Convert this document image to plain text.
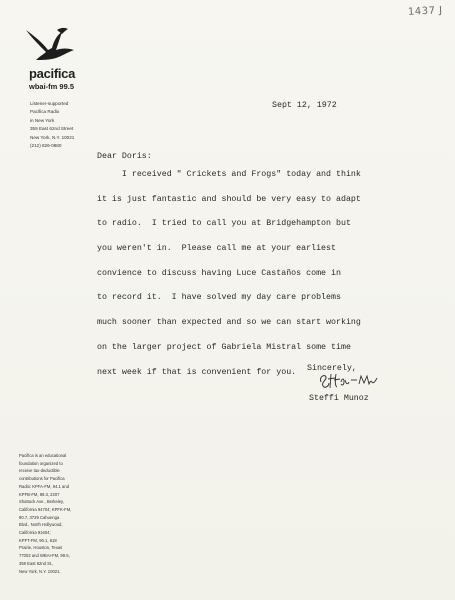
1437 J
pacifica
wbai-fm 99.5
Listener-supported
Pacifica Radio
in New York
359 East 62nd Street
New York, N.Y. 10021
(212) 826-0880
Pacifica is an educational
foundation organized to
receive tax-deductible
contributions for Pacifica
Radio: KPFA-FM, 94.1 and
KPFB-FM, 89.3, 2207
Shattuck Ave., Berkeley,
California 94704; KPFK-FM,
90.7, 3729 Cahuenga
Blvd., North Hollywood,
California 91604;
KPFT-FM, 90.1, 618
Prairie, Houston, Texas
77002 and WBAI-FM, 99.5,
359 East 62nd St.,
New York, N.Y. 10021.
Sept 12, 1972
Dear Doris:
I received " Crickets and Frogs" today and think
it is just fantastic and should be very easy to adapt
to radio.  I tried to call you at Bridgehampton but
you weren't in.  Please call me at your earliest
convience to discuss having Luce Castaños come in
to record it.  I have solved my day care problems
much sooner than expected and so we can start working
on the larger project of Gabriela Mistral some time
next week if that is convenient for you.	Sincerely,
Steffi Munoz
